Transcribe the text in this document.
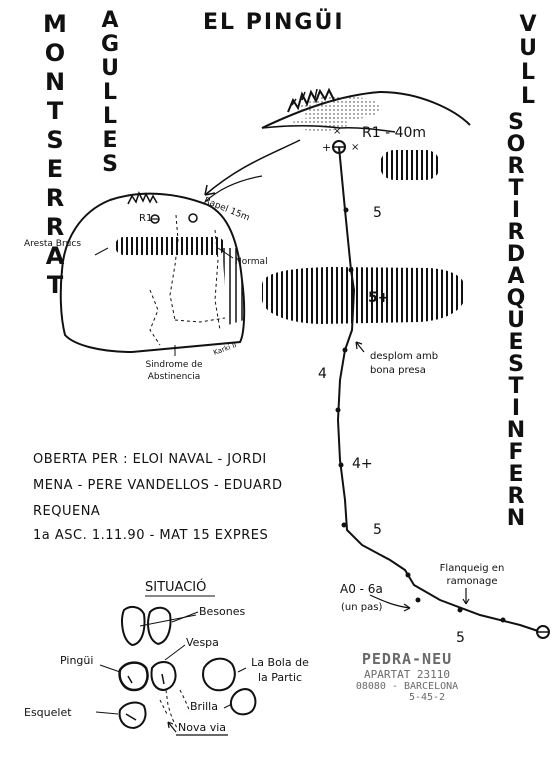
EL PINGÜI
M
O
N
T
S
E
R
R
A
T
A
G
U
L
L
E
S
V
U
L
L
S
O
R
T
I
R
D
A
Q
U
E
S
T
I
N
F
E
R
N
+ ×
×
Rapel 15m
R1
Aresta Brucs
Normal
Karki II
Sindrome de Abstinencia
R1 - 40m
5
5+
desplom amb bona presa
4
4+
5
A0 - 6a
(un pas)
Flanqueig en ramonage
5
OBERTA PER : ELOI NAVAL - JORDI
MENA - PERE VANDELLOS - EDUARD
REQUENA
1a ASC. 1.11.90 - MAT 15 EXPRES
SITUACIÓ
Besones
Vespa
Pingüi	La Bola de la Partic
Esquelet	Brilla
Nova via
PEDRA-NEU
APARTAT 23110
08080 - BARCELONA
5-45-2
